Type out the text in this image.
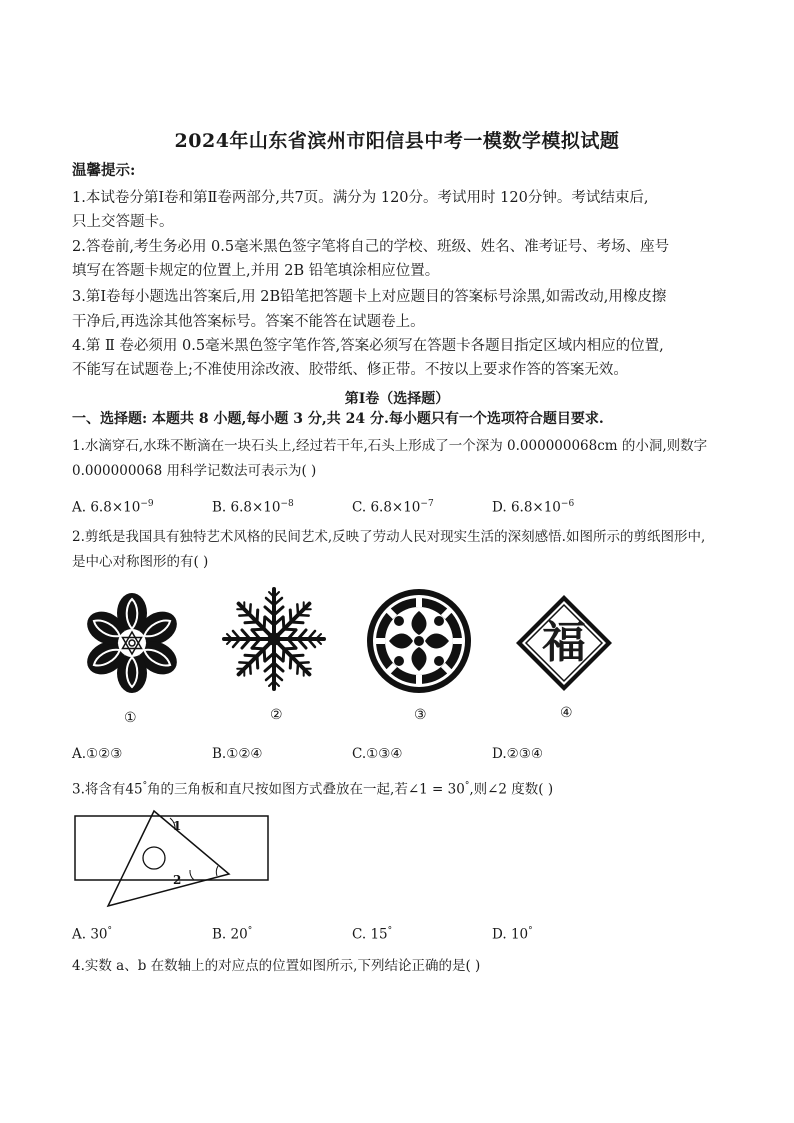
2024年山东省滨州市阳信县中考一模数学模拟试题
温馨提示:
1.本试卷分第Ⅰ卷和第Ⅱ卷两部分,共7页。满分为 120分。考试用时 120分钟。考试结束后,
只上交答题卡。
2.答卷前,考生务必用 0.5毫米黑色签字笔将自己的学校、班级、姓名、准考证号、考场、座号
填写在答题卡规定的位置上,并用 2B 铅笔填涂相应位置。
3.第Ⅰ卷每小题选出答案后,用 2B铅笔把答题卡上对应题目的答案标号涂黑,如需改动,用橡皮擦
干净后,再选涂其他答案标号。答案不能答在试题卷上。
4.第 Ⅱ 卷必须用 0.5毫米黑色签字笔作答,答案必须写在答题卡各题目指定区域内相应的位置,
不能写在试题卷上;不准使用涂改液、胶带纸、修正带。不按以上要求作答的答案无效。
第Ⅰ卷（选择题）
一、选择题: 本题共 8 小题,每小题 3 分,共 24 分.每小题只有一个选项符合题目要求.
1.水滴穿石,水珠不断滴在一块石头上,经过若干年,石头上形成了一个深为 0.000000068cm 的小洞,则数字
0.000000068 用科学记数法可表示为( )
A. $6.8\times 10^{-9}$	B. $6.8\times 10^{-8}$	C. $6.8\times 10^{-7}$	D. $6.8\times 10^{-6}$
2.剪纸是我国具有独特艺术风格的民间艺术,反映了劳动人民对现实生活的深刻感悟.如图所示的剪纸图形中,
是中心对称图形的有( )
①	②	③
福
④
A.①②③	B.①②④	C.①③④	D.②③④
3.将含有45°角的三角板和直尺按如图方式叠放在一起,若∠1 = 30°,则∠2 度数( )
1
2
A. 30°	B. 20°	C. 15°	D. 10°
4.实数 a、b 在数轴上的对应点的位置如图所示,下列结论正确的是( )
